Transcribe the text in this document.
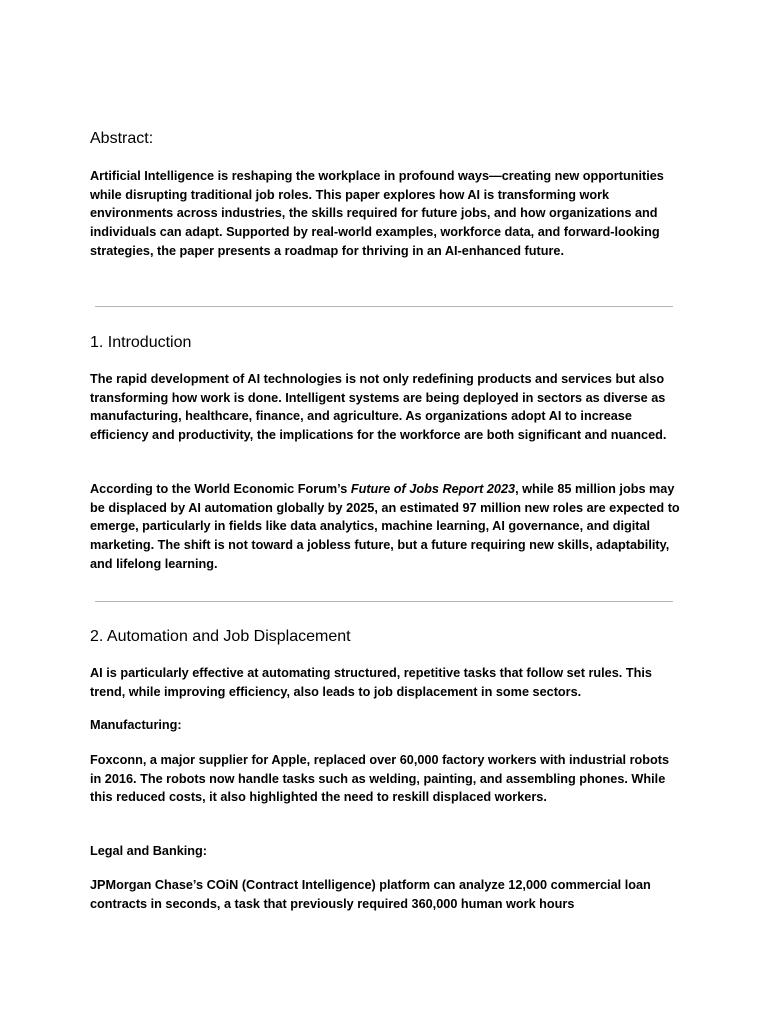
Abstract:

Artificial Intelligence is reshaping the workplace in profound ways—creating new opportunities while disrupting traditional job roles. This paper explores how AI is transforming work environments across industries, the skills required for future jobs, and how organizations and individuals can adapt. Supported by real-world examples, workforce data, and forward-looking strategies, the paper presents a roadmap for thriving in an AI-enhanced future.

1. Introduction

The rapid development of AI technologies is not only redefining products and services but also transforming how work is done. Intelligent systems are being deployed in sectors as diverse as manufacturing, healthcare, finance, and agriculture. As organizations adopt AI to increase efficiency and productivity, the implications for the workforce are both significant and nuanced.

According to the World Economic Forum’s Future of Jobs Report 2023, while 85 million jobs may be displaced by AI automation globally by 2025, an estimated 97 million new roles are expected to emerge, particularly in fields like data analytics, machine learning, AI governance, and digital marketing. The shift is not toward a jobless future, but a future requiring new skills, adaptability, and lifelong learning.

2. Automation and Job Displacement

AI is particularly effective at automating structured, repetitive tasks that follow set rules. This trend, while improving efficiency, also leads to job displacement in some sectors.

Manufacturing:

Foxconn, a major supplier for Apple, replaced over 60,000 factory workers with industrial robots in 2016. The robots now handle tasks such as welding, painting, and assembling phones. While this reduced costs, it also highlighted the need to reskill displaced workers.

Legal and Banking:

JPMorgan Chase’s COiN (Contract Intelligence) platform can analyze 12,000 commercial loan contracts in seconds, a task that previously required 360,000 human work hours
